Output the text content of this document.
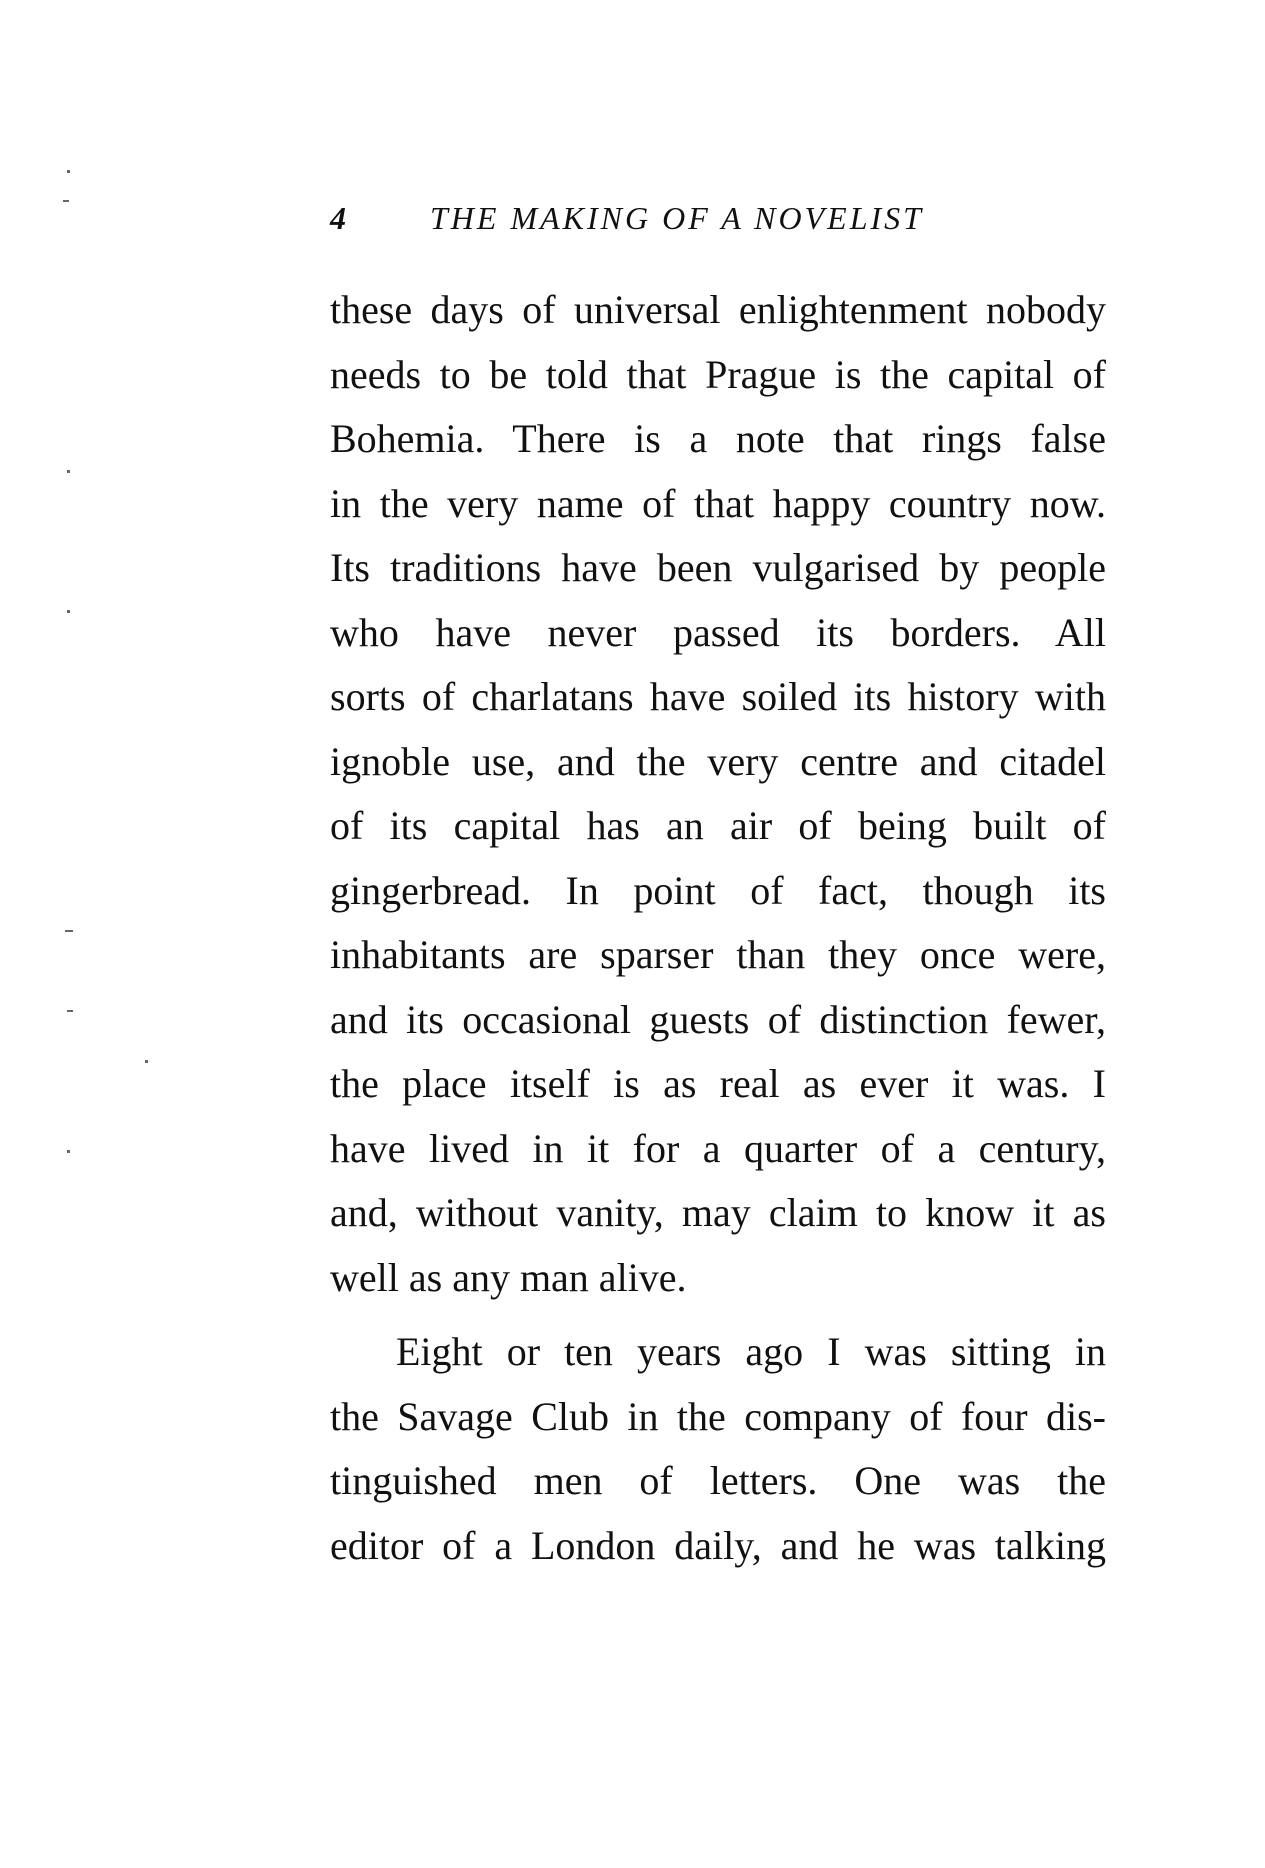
4	THE MAKING OF A NOVELIST
these days of universal enlightenment nobody
needs to be told that Prague is the capital of
Bohemia. There is a note that rings false
in the very name of that happy country now.
Its traditions have been vulgarised by people
who have never passed its borders. All
sorts of charlatans have soiled its history with
ignoble use, and the very centre and citadel
of its capital has an air of being built of
gingerbread. In point of fact, though its
inhabitants are sparser than they once were,
and its occasional guests of distinction fewer,
the place itself is as real as ever it was. I
have lived in it for a quarter of a century,
and, without vanity, may claim to know it as
well as any man alive.
Eight or ten years ago I was sitting in
the Savage Club in the company of four dis-
tinguished men of letters. One was the
editor of a London daily, and he was talking
